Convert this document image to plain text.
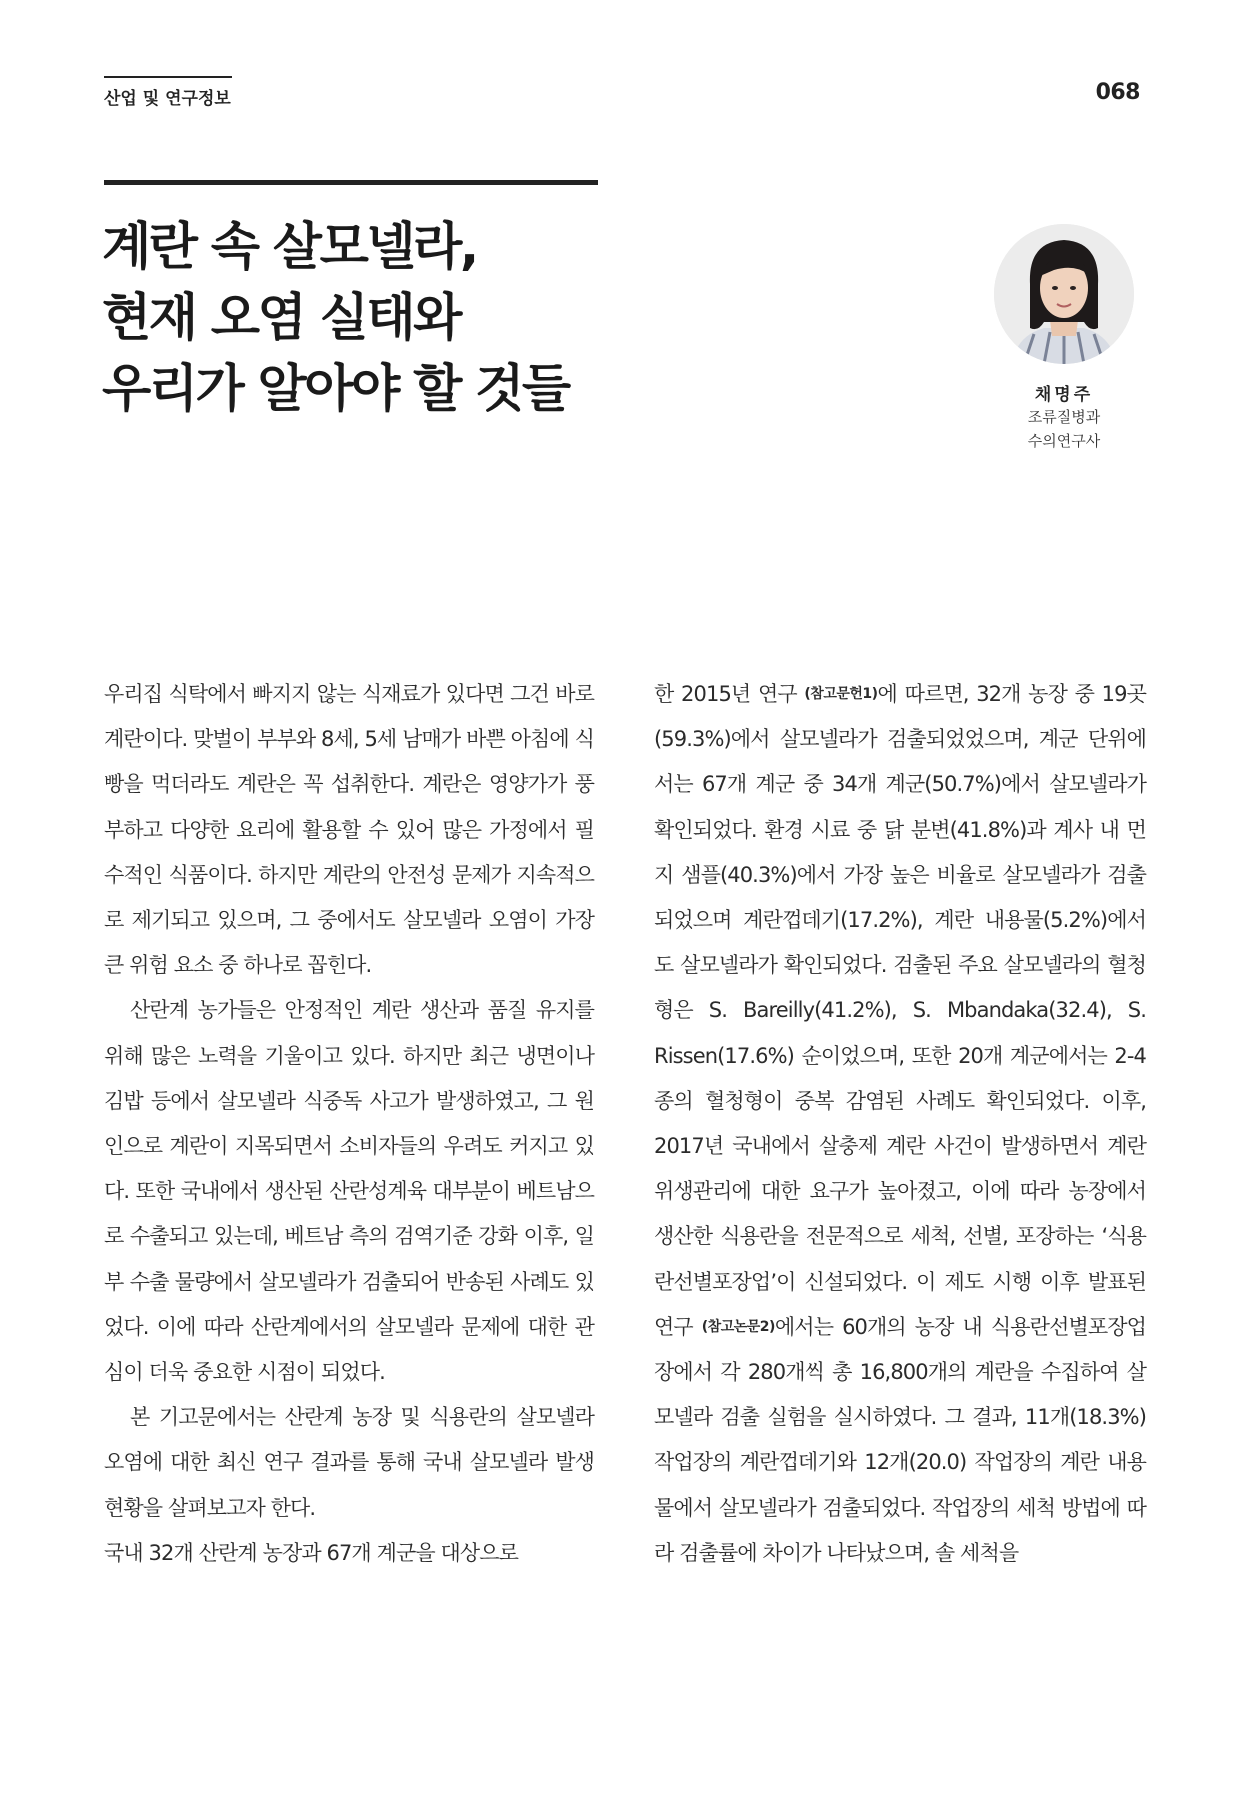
산업 및 연구정보	068
계란 속 살모넬라,
현재 오염 실태와
우리가 알아야 할 것들	채명주
조류질병과
수의연구사

우리집 식탁에서 빠지지 않는 식재료가 있다면 그건 바로 계란이다. 맞벌이 부부와 8세, 5세 남매가 바쁜 아침에 식빵을 먹더라도 계란은 꼭 섭취한다. 계란은 영양가가 풍부하고 다양한 요리에 활용할 수 있어 많은 가정에서 필수적인 식품이다. 하지만 계란의 안전성 문제가 지속적으로 제기되고 있으며, 그 중에서도 살모넬라 오염이 가장 큰 위험 요소 중 하나로 꼽힌다.

산란계 농가들은 안정적인 계란 생산과 품질 유지를 위해 많은 노력을 기울이고 있다. 하지만 최근 냉면이나 김밥 등에서 살모넬라 식중독 사고가 발생하였고, 그 원인으로 계란이 지목되면서 소비자들의 우려도 커지고 있다. 또한 국내에서 생산된 산란성계육 대부분이 베트남으로 수출되고 있는데, 베트남 측의 검역기준 강화 이후, 일부 수출 물량에서 살모넬라가 검출되어 반송된 사례도 있었다. 이에 따라 산란계에서의 살모넬라 문제에 대한 관심이 더욱 중요한 시점이 되었다.

본 기고문에서는 산란계 농장 및 식용란의 살모넬라 오염에 대한 최신 연구 결과를 통해 국내 살모넬라 발생 현황을 살펴보고자 한다.

국내 32개 산란계 농장과 67개 계군을 대상으로

한 2015년 연구 (참고문헌1)에 따르면, 32개 농장 중 19곳(59.3%)에서 살모넬라가 검출되었었으며, 계군 단위에서는 67개 계군 중 34개 계군(50.7%)에서 살모넬라가 확인되었다. 환경 시료 중 닭 분변(41.8%)과 계사 내 먼지 샘플(40.3%)에서 가장 높은 비율로 살모넬라가 검출되었으며 계란껍데기(17.2%), 계란 내용물(5.2%)에서도 살모넬라가 확인되었다. 검출된 주요 살모넬라의 혈청형은 S. Bareilly(41.2%), S. Mbandaka(32.4), S. Rissen(17.6%) 순이었으며, 또한 20개 계군에서는 2-4종의 혈청형이 중복 감염된 사례도 확인되었다. 이후, 2017년 국내에서 살충제 계란 사건이 발생하면서 계란 위생관리에 대한 요구가 높아졌고, 이에 따라 농장에서 생산한 식용란을 전문적으로 세척, 선별, 포장하는 ‘식용란선별포장업’이 신설되었다. 이 제도 시행 이후 발표된 연구 (참고논문2)에서는 60개의 농장 내 식용란선별포장업장에서 각 280개씩 총 16,800개의 계란을 수집하여 살모넬라 검출 실험을 실시하였다. 그 결과, 11개(18.3%) 작업장의 계란껍데기와 12개(20.0) 작업장의 계란 내용물에서 살모넬라가 검출되었다. 작업장의 세척 방법에 따라 검출률에 차이가 나타났으며, 솔 세척을
